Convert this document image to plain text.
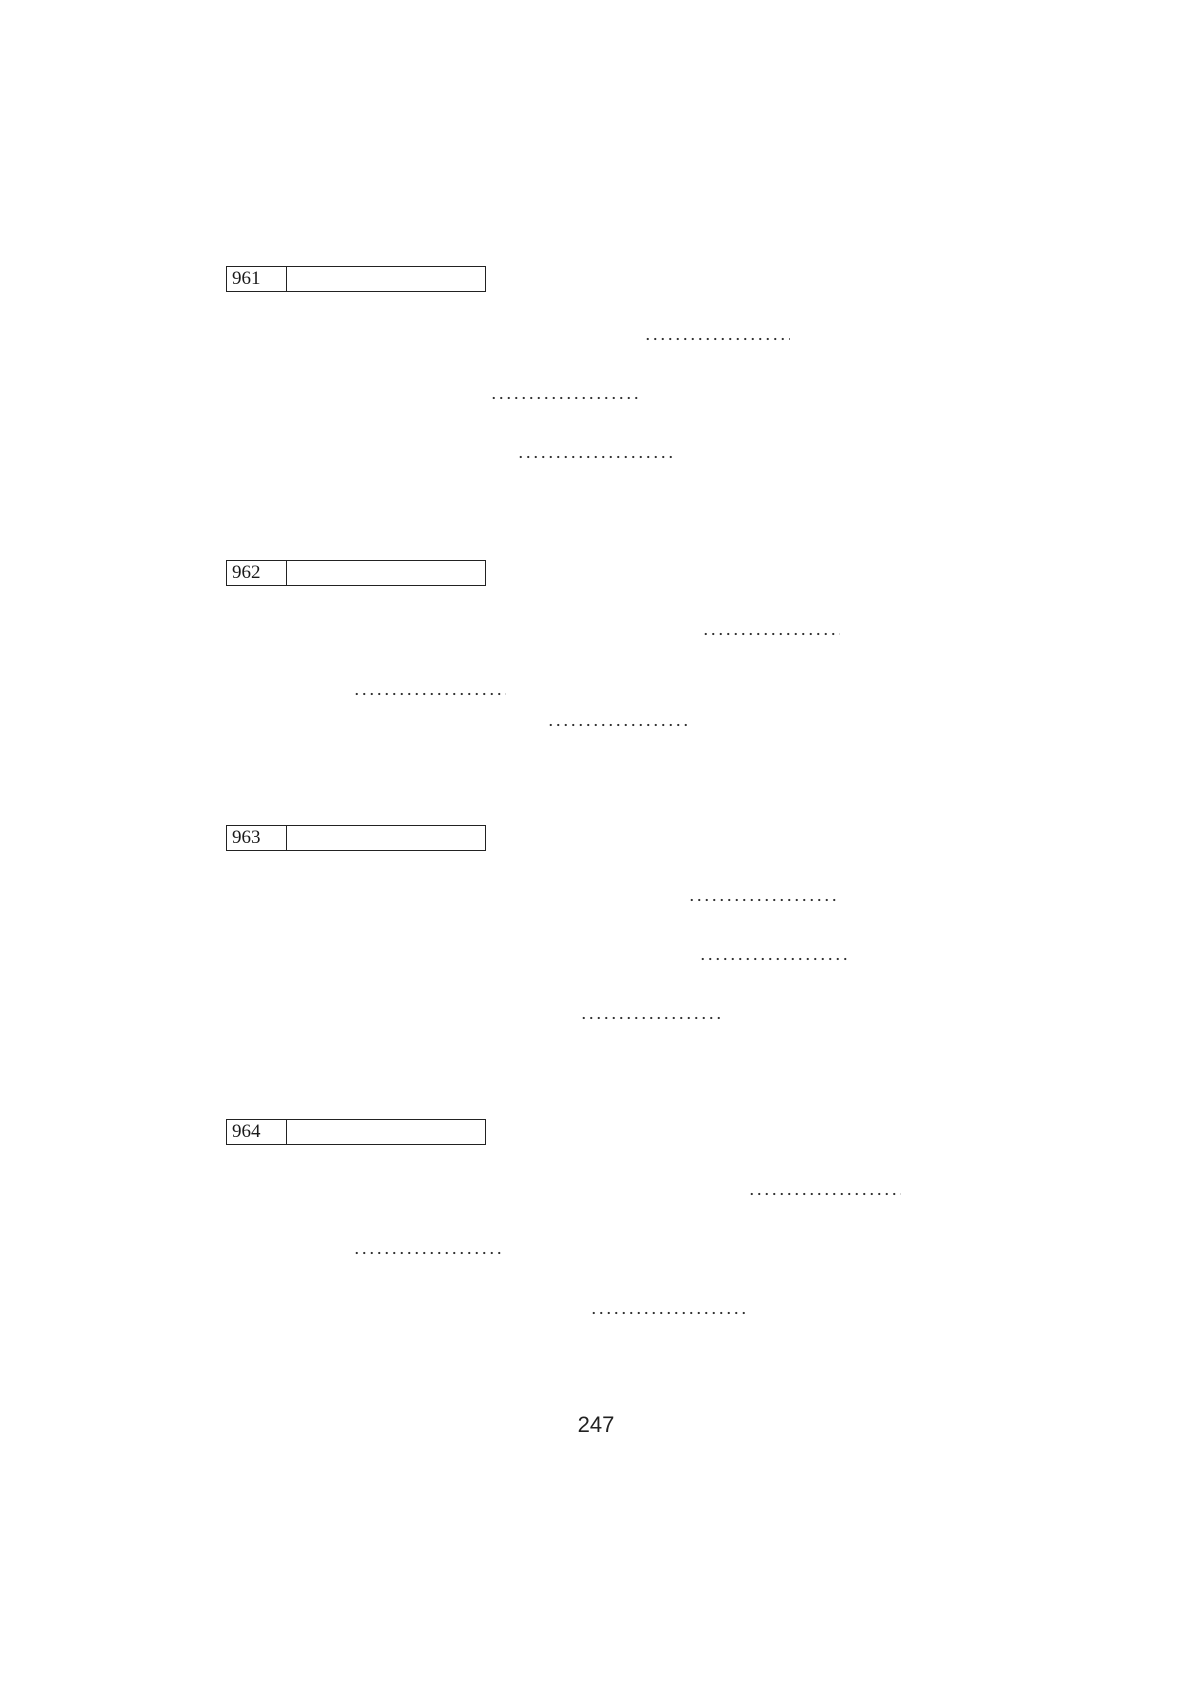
961
962
963
964
247
